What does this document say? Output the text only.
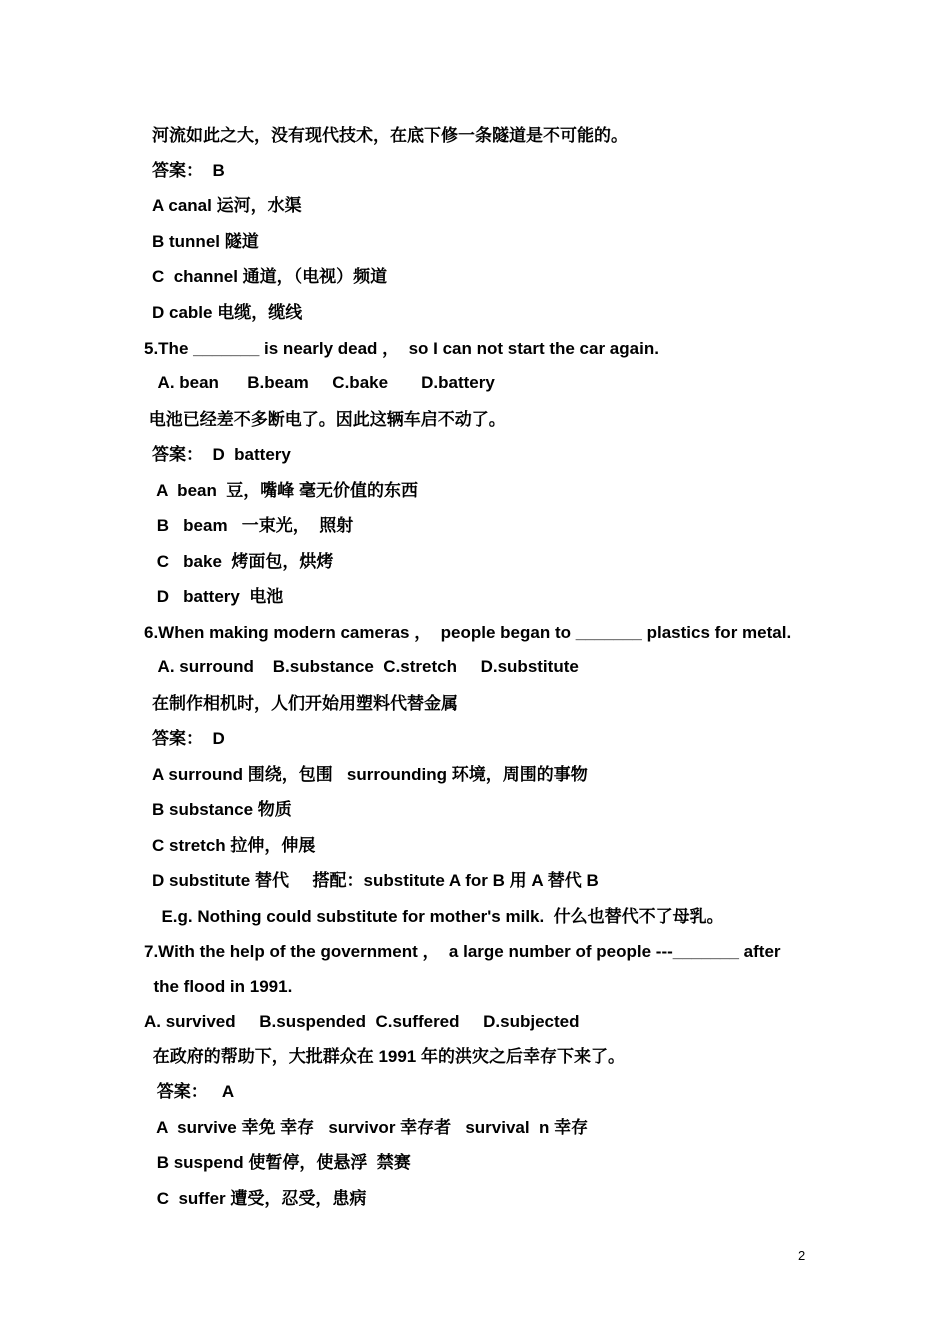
河流如此之大，没有现代技术，在底下修一条隧道是不可能的。
答案：  B
A canal 运河，水渠
B tunnel 隧道
C  channel 通道，（电视）频道
D cable 电缆，缆线
5.The _______ is nearly dead ，  so I can not start the car again.
A. bean      B.beam     C.bake       D.battery
电池已经差不多断电了。因此这辆车启不动了。
答案：  D  battery
A  bean  豆，嘴峰 毫无价值的东西
B   beam   一束光，  照射
C   bake  烤面包，烘烤
D   battery  电池
6.When making modern cameras ，  people began to _______ plastics for metal.
A. surround    B.substance  C.stretch     D.substitute
在制作相机时，人们开始用塑料代替金属
答案：  D
A surround 围绕，包围   surrounding 环境，周围的事物
B substance 物质
C stretch 拉伸，伸展
D substitute 替代     搭配：substitute A for B 用 A 替代 B
E.g. Nothing could substitute for mother's milk.  什么也替代不了母乳。
7.With the help of the government ，  a large number of people ---_______ after
the flood in 1991.
A. survived     B.suspended  C.suffered     D.subjected
在政府的帮助下，大批群众在 1991 年的洪灾之后幸存下来了。
答案：   A
A  survive 幸免 幸存   survivor 幸存者   survival  n 幸存
B suspend 使暂停，使悬浮  禁赛
C  suffer 遭受，忍受，患病
2
